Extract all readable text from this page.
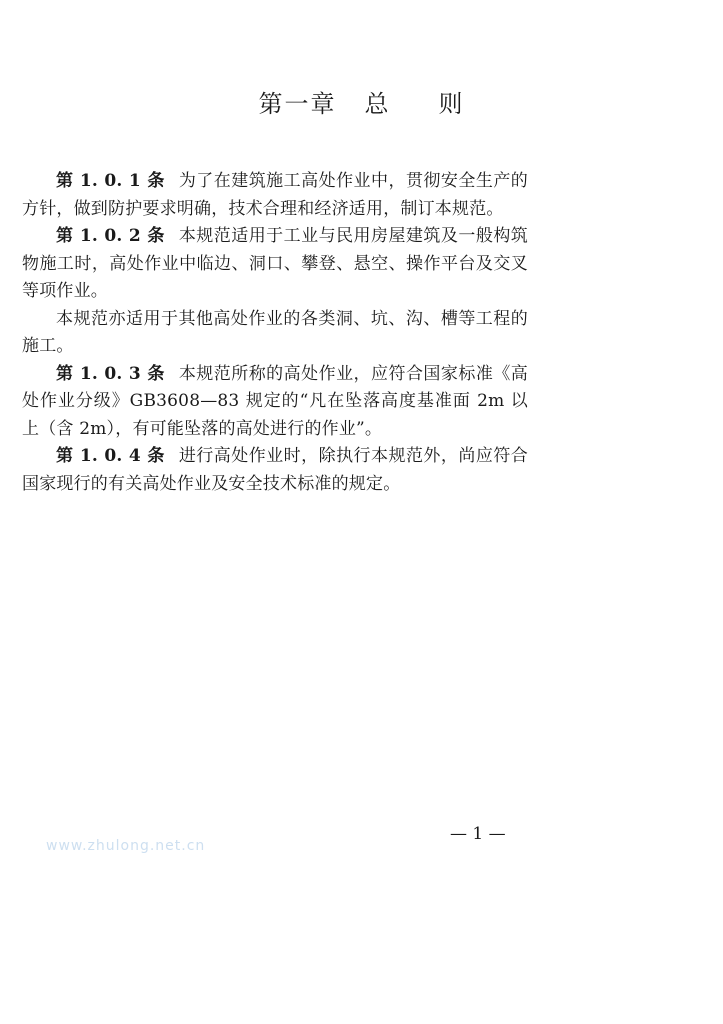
第一章 总 则

第 1. 0. 1 条 为了在建筑施工高处作业中，贯彻安全生产的方针，做到防护要求明确，技术合理和经济适用，制订本规范。

第 1. 0. 2 条 本规范适用于工业与民用房屋建筑及一般构筑物施工时，高处作业中临边、洞口、攀登、悬空、操作平台及交叉等项作业。

本规范亦适用于其他高处作业的各类洞、坑、沟、槽等工程的施工。

第 1. 0. 3 条 本规范所称的高处作业，应符合国家标准《高处作业分级》GB3608—83 规定的“凡在坠落高度基准面 2m 以上（含 2m），有可能坠落的高处进行的作业”。

第 1. 0. 4 条 进行高处作业时，除执行本规范外，尚应符合国家现行的有关高处作业及安全技术标准的规定。

— 1 —
www.zhulong.net.cn
